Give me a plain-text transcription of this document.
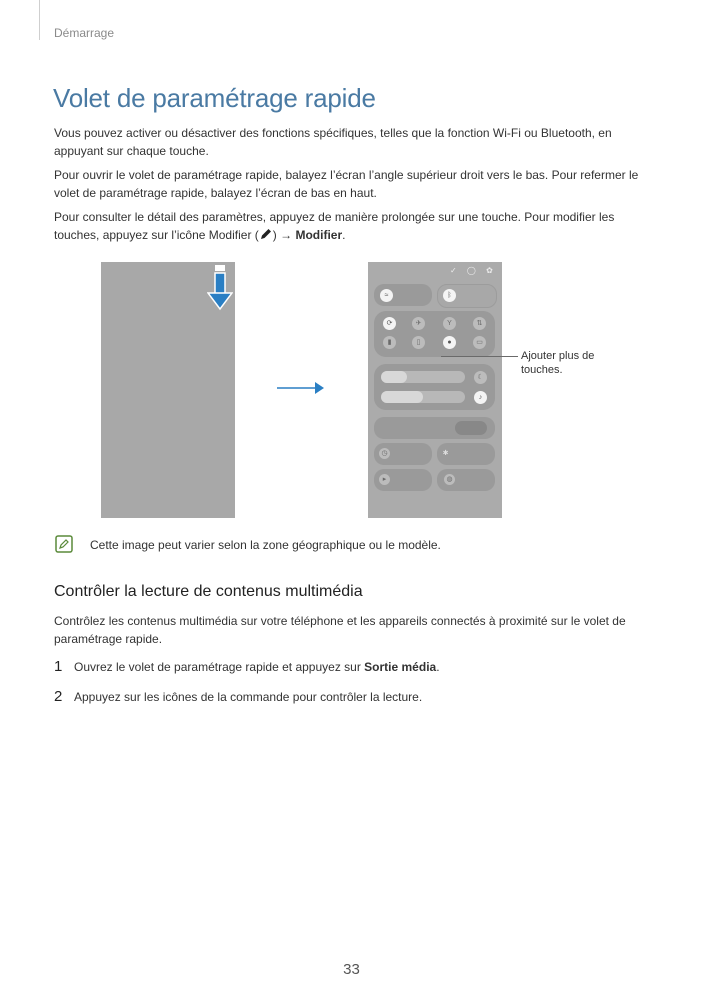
Démarrage
Volet de paramétrage rapide

Vous pouvez activer ou désactiver des fonctions spécifiques, telles que la fonction Wi-Fi ou Bluetooth, en appuyant sur chaque touche.

Pour ouvrir le volet de paramétrage rapide, balayez l’écran l’angle supérieur droit vers le bas. Pour refermer le volet de paramétrage rapide, balayez l’écran de bas en haut.

Pour consulter le détail des paramètres, appuyez de manière prolongée sur une touche. Pour modifier les touches, appuyez sur l’icône Modifier ( ) → Modifier.

✓ ◯ ✿
≈	ᛒ
⟳	✈	Y	⇅
▮	▯	●	▭
Ajouter plus de touches.
☾
♪
◷	✱
▸	◍
Cette image peut varier selon la zone géographique ou le modèle.
Contrôler la lecture de contenus multimédia

Contrôlez les contenus multimédia sur votre téléphone et les appareils connectés à proximité sur le volet de paramétrage rapide.

1 Ouvrez le volet de paramétrage rapide et appuyez sur Sortie média.
2 Appuyez sur les icônes de la commande pour contrôler la lecture.
33
